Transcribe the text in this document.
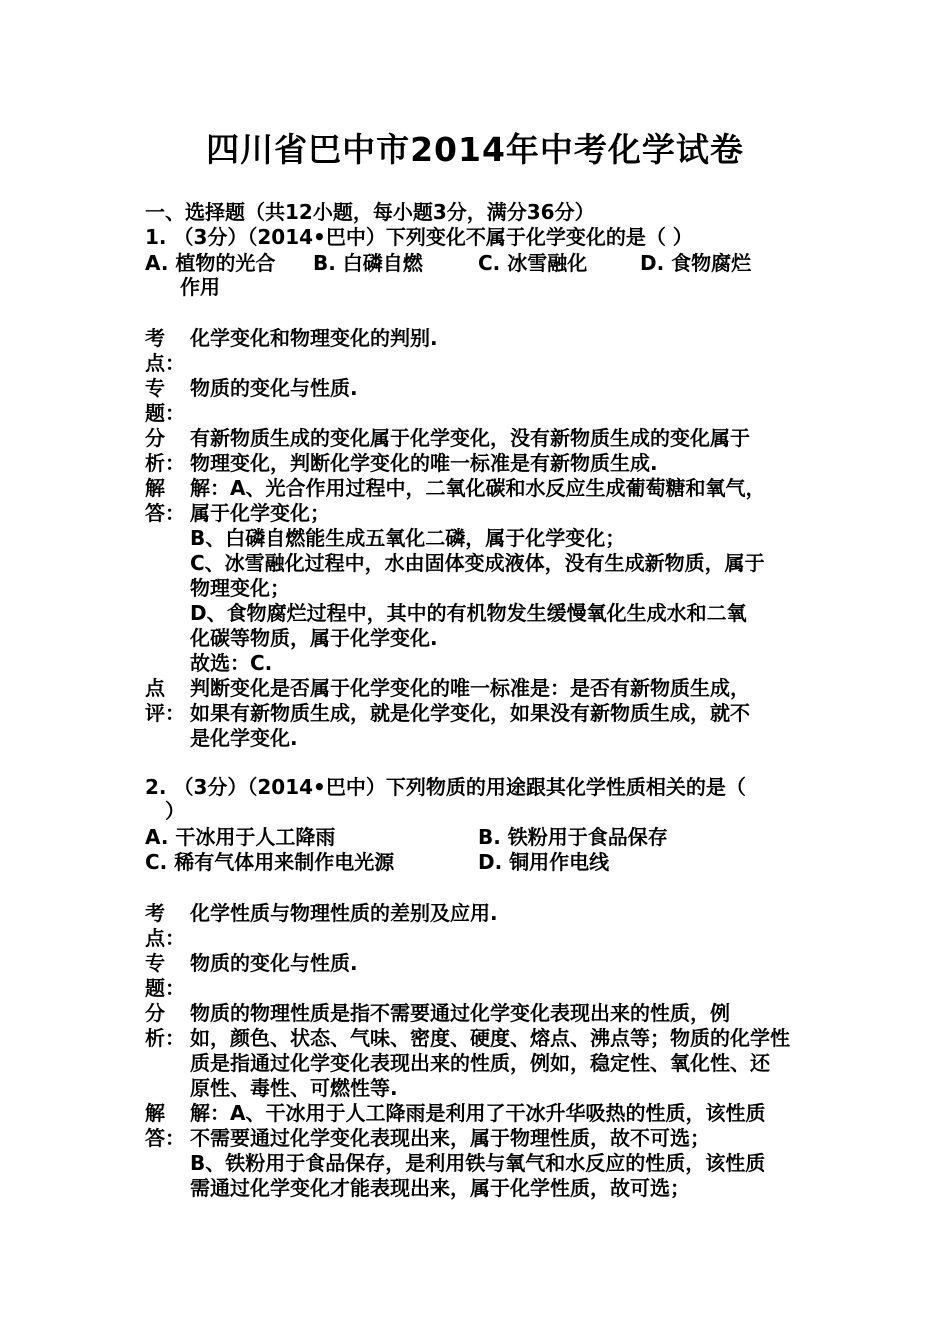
四川省巴中市2014年中考化学试卷
一、选择题（共12小题，每小题3分，满分36分）
1. （3分）（2014•巴中）下列变化不属于化学变化的是（ ）
A. 植物的光合 B. 白磷自燃	C. 冰雪融化	D. 食物腐烂
作用
考
点：
化学变化和物理变化的判别.
专
题：
物质的变化与性质.
分
析：
有新物质生成的变化属于化学变化，没有新物质生成的变化属于
物理变化，判断化学变化的唯一标准是有新物质生成.
解
答：
解：A、光合作用过程中，二氧化碳和水反应生成葡萄糖和氧气，
属于化学变化；
B、白磷自燃能生成五氧化二磷，属于化学变化；
C、冰雪融化过程中，水由固体变成液体，没有生成新物质，属于
物理变化；
D、食物腐烂过程中，其中的有机物发生缓慢氧化生成水和二氧
化碳等物质，属于化学变化.
故选：C.
点
评：
判断变化是否属于化学变化的唯一标准是：是否有新物质生成，
如果有新物质生成，就是化学变化，如果没有新物质生成，就不
是化学变化.
2. （3分）（2014•巴中）下列物质的用途跟其化学性质相关的是（
）
A. 干冰用于人工降雨	B. 铁粉用于食品保存
C. 稀有气体用来制作电光源	D. 铜用作电线
考
点：
化学性质与物理性质的差别及应用.
专
题：
物质的变化与性质.
分
析：
物质的物理性质是指不需要通过化学变化表现出来的性质，例
如，颜色、状态、气味、密度、硬度、熔点、沸点等；物质的化学性
质是指通过化学变化表现出来的性质，例如，稳定性、氧化性、还
原性、毒性、可燃性等.
解
答：
解：A、干冰用于人工降雨是利用了干冰升华吸热的性质，该性质
不需要通过化学变化表现出来，属于物理性质，故不可选；
B、铁粉用于食品保存，是利用铁与氧气和水反应的性质，该性质
需通过化学变化才能表现出来，属于化学性质，故可选；
